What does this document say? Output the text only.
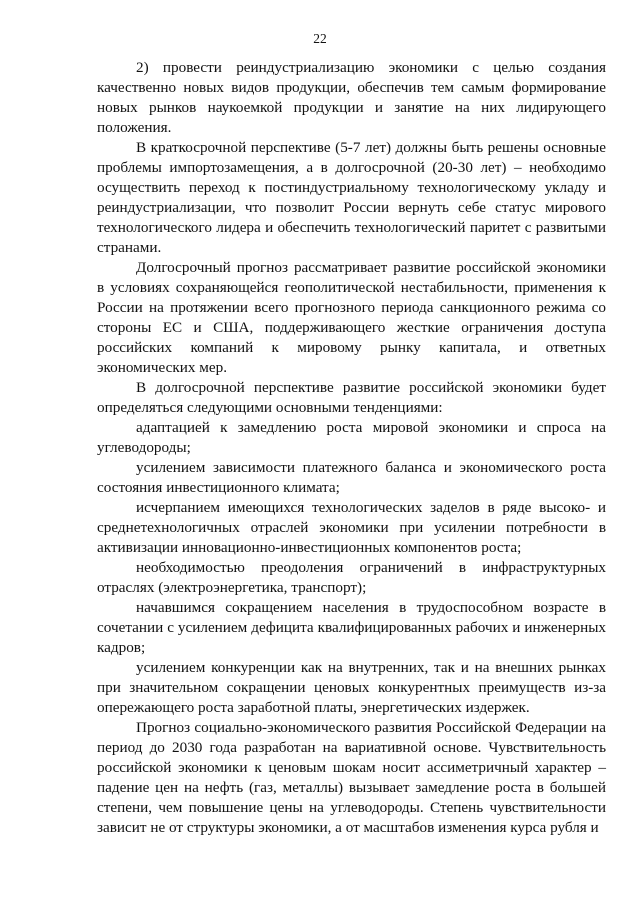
22

2) провести реиндустриализацию экономики с целью создания качественно новых видов продукции, обеспечив тем самым формирование новых рынков наукоемкой продукции и занятие на них лидирующего положения.

В краткосрочной перспективе (5-7 лет) должны быть решены основные проблемы импортозамещения, а в долгосрочной (20-30 лет) – необходимо осуществить переход к постиндустриальному технологическому укладу и реиндустриализации, что позволит России вернуть себе статус мирового технологического лидера и обеспечить технологический паритет с развитыми странами.

Долгосрочный прогноз рассматривает развитие российской экономики в условиях сохраняющейся геополитической нестабильности, применения к России на протяжении всего прогнозного периода санкционного режима со стороны ЕС и США, поддерживающего жесткие ограничения доступа российских компаний к мировому рынку капитала, и ответных экономических мер.

В долгосрочной перспективе развитие российской экономики будет определяться следующими основными тенденциями:

адаптацией к замедлению роста мировой экономики и спроса на углеводороды;

усилением зависимости платежного баланса и экономического роста состояния инвестиционного климата;

исчерпанием имеющихся технологических заделов в ряде высоко- и среднетехнологичных отраслей экономики при усилении потребности в активизации инновационно-инвестиционных компонентов роста;

необходимостью преодоления ограничений в инфраструктурных отраслях (электроэнергетика, транспорт);

начавшимся сокращением населения в трудоспособном возрасте в сочетании с усилением дефицита квалифицированных рабочих и инженерных кадров;

усилением конкуренции как на внутренних, так и на внешних рынках при значительном сокращении ценовых конкурентных преимуществ из-за опережающего роста заработной платы, энергетических издержек.

Прогноз социально-экономического развития Российской Федерации на период до 2030 года разработан на вариативной основе. Чувствительность российской экономики к ценовым шокам носит ассиметричный характер – падение цен на нефть (газ, металлы) вызывает замедление роста в большей степени, чем повышение цены на углеводороды. Степень чувствительности зависит не от структуры экономики, а от масштабов изменения курса рубля и
